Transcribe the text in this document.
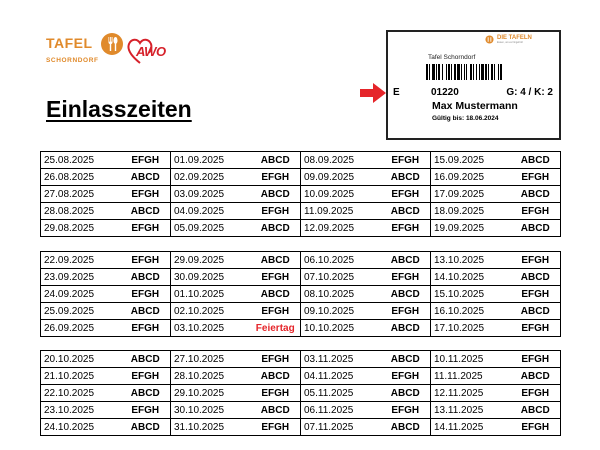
TAFEL
SCHORNDORF
AWO
Einlasszeiten
DIE TAFELN
Essen, wo es hingehört
Tafel Schorndorf
E	01220	G: 4 / K: 2
Max Mustermann
Gültig bis: 18.06.2024
25.08.2025	EFGH	01.09.2025	ABCD	08.09.2025	EFGH	15.09.2025	ABCD
26.08.2025	ABCD	02.09.2025	EFGH	09.09.2025	ABCD	16.09.2025	EFGH
27.08.2025	EFGH	03.09.2025	ABCD	10.09.2025	EFGH	17.09.2025	ABCD
28.08.2025	ABCD	04.09.2025	EFGH	11.09.2025	ABCD	18.09.2025	EFGH
29.08.2025	EFGH	05.09.2025	ABCD	12.09.2025	EFGH	19.09.2025	ABCD
22.09.2025	EFGH	29.09.2025	ABCD	06.10.2025	ABCD	13.10.2025	EFGH
23.09.2025	ABCD	30.09.2025	EFGH	07.10.2025	EFGH	14.10.2025	ABCD
24.09.2025	EFGH	01.10.2025	ABCD	08.10.2025	ABCD	15.10.2025	EFGH
25.09.2025	ABCD	02.10.2025	EFGH	09.10.2025	EFGH	16.10.2025	ABCD
26.09.2025	EFGH	03.10.2025	Feiertag	10.10.2025	ABCD	17.10.2025	EFGH
20.10.2025	ABCD	27.10.2025	EFGH	03.11.2025	ABCD	10.11.2025	EFGH
21.10.2025	EFGH	28.10.2025	ABCD	04.11.2025	EFGH	11.11.2025	ABCD
22.10.2025	ABCD	29.10.2025	EFGH	05.11.2025	ABCD	12.11.2025	EFGH
23.10.2025	EFGH	30.10.2025	ABCD	06.11.2025	EFGH	13.11.2025	ABCD
24.10.2025	ABCD	31.10.2025	EFGH	07.11.2025	ABCD	14.11.2025	EFGH
